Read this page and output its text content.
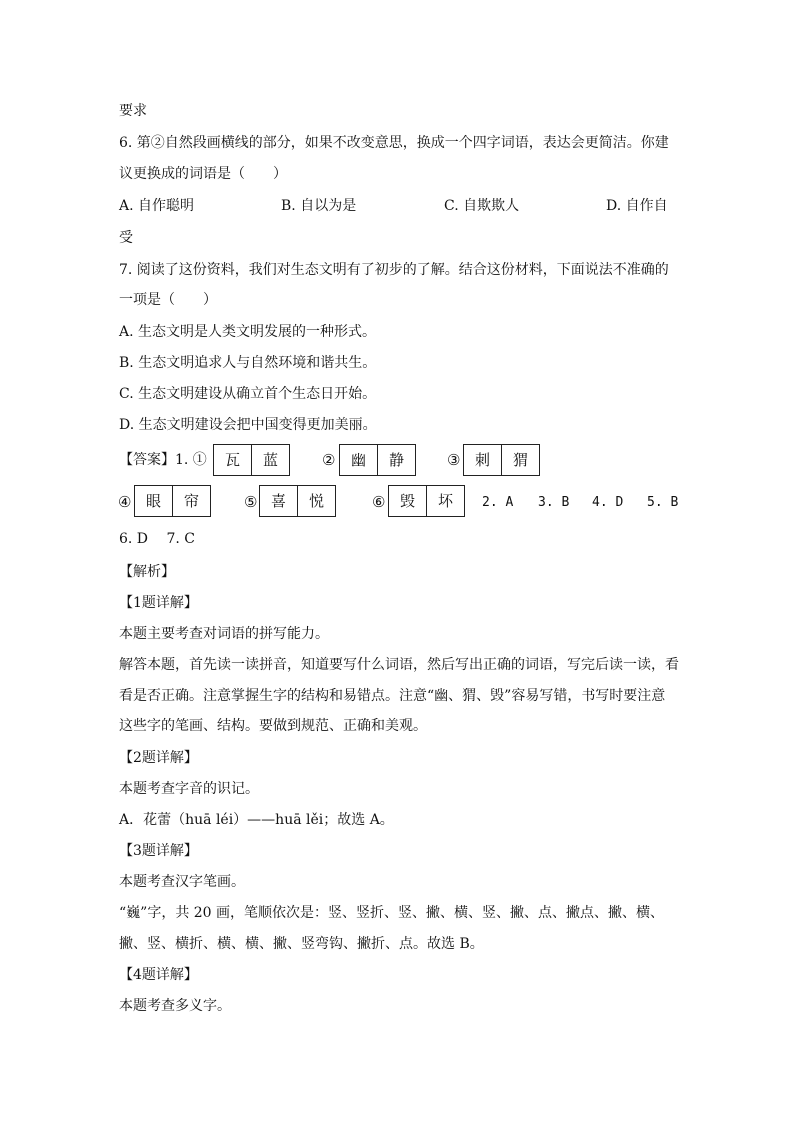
要求
6. 第②自然段画横线的部分，如果不改变意思，换成一个四字词语，表达会更简洁。你建
议更换成的词语是（　　）
A. 自作聪明	B. 自以为是	C. 自欺欺人	D. 自作自
受
7. 阅读了这份资料，我们对生态文明有了初步的了解。结合这份材料，下面说法不准确的
一项是（　　）
A. 生态文明是人类文明发展的一种形式。
B. 生态文明追求人与自然环境和谐共生。
C. 生态文明建设从确立首个生态日开始。
D. 生态文明建设会把中国变得更加美丽。
【答案】1. ①	瓦	蓝	②	幽	静	③ 刺	猬
④ 眼	帘	⑤ 喜	悦	⑥ 毁	坏	2. A 3. B 4. D 5. B
6. D　 7. C
【解析】
【1题详解】
本题主要考查对词语的拼写能力。
解答本题，首先读一读拼音，知道要写什么词语，然后写出正确的词语，写完后读一读，看
看是否正确。注意掌握生字的结构和易错点。注意“幽、猬、毁”容易写错，书写时要注意
这些字的笔画、结构。要做到规范、正确和美观。
【2题详解】
本题考查字音的识记。
A．花蕾（huā léi）——huā lěi；故选 A。
【3题详解】
本题考查汉字笔画。
“巍”字，共 20 画，笔顺依次是：竖、竖折、竖、撇、横、竖、撇、点、撇点、撇、横、
撇、竖、横折、横、横、撇、竖弯钩、撇折、点。故选 B。
【4题详解】
本题考查多义字。
